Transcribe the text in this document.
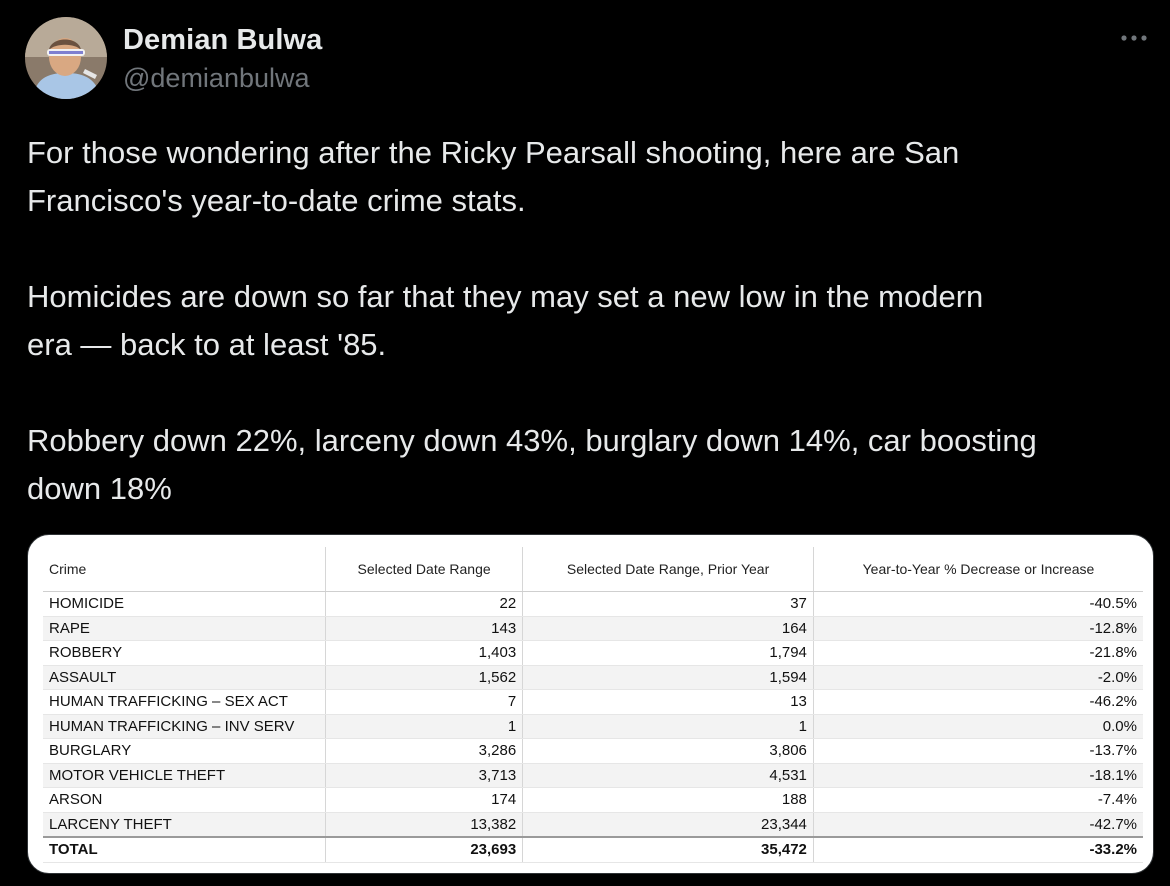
Demian Bulwa
@demianbulwa

For those wondering after the Ricky Pearsall shooting, here are San

Francisco's year-to-date crime stats.

Homicides are down so far that they may set a new low in the modern

era — back to at least '85.

Robbery down 22%, larceny down 43%, burglary down 14%, car boosting

down 18%

Crime	Selected Date Range	Selected Date Range, Prior Year	Year-to-Year % Decrease or Increase
HOMICIDE	22	37	-40.5%
RAPE	143	164	-12.8%
ROBBERY	1,403	1,794	-21.8%
ASSAULT	1,562	1,594	-2.0%
HUMAN TRAFFICKING – SEX ACT	7	13	-46.2%
HUMAN TRAFFICKING – INV SERV	1	1	0.0%
BURGLARY	3,286	3,806	-13.7%
MOTOR VEHICLE THEFT	3,713	4,531	-18.1%
ARSON	174	188	-7.4%
LARCENY THEFT	13,382	23,344	-42.7%
TOTAL	23,693	35,472	-33.2%
